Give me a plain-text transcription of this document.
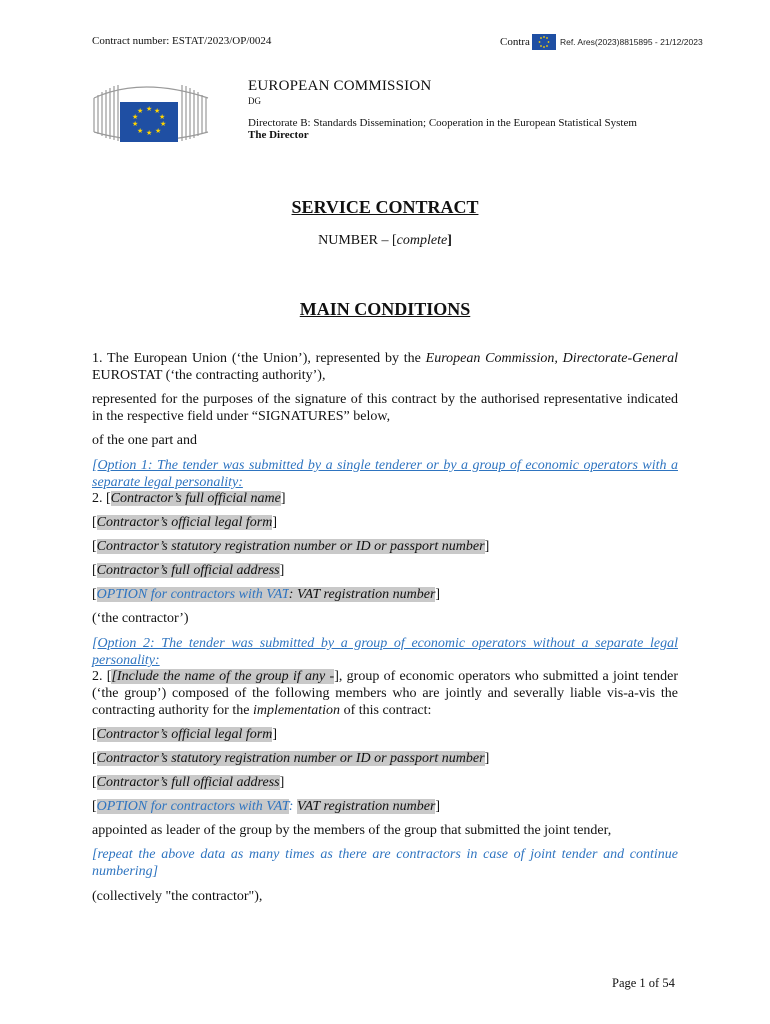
Contract number: ESTAT/2023/OP/0024	Contra	Ref. Ares(2023)8815895 - 21/12/2023
★ ★
★
★
★
★
★
★
★
★
EUROPEAN COMMISSION
DG
Directorate B: Standards Dissemination; Cooperation in the European Statistical System
The Director
SERVICE CONTRACT
NUMBER – [complete]
MAIN CONDITIONS
1. The European Union (‘the Union’), represented by the European Commission, Directorate-General EUROSTAT (‘the contracting authority’),
represented for the purposes of the signature of this contract by the authorised representative indicated in the respective field under “SIGNATURES” below,
of the one part and
[Option 1: The tender was submitted by a single tenderer or by a group of economic operators with a separate legal personality:
2. [Contractor’s full official name]
[Contractor’s official legal form]
[Contractor’s statutory registration number or ID or passport number]
[Contractor’s full official address]
[OPTION for contractors with VAT: VAT registration number]
(‘the contractor’)
[Option 2: The tender was submitted by a group of economic operators without a separate legal personality:
2. [[Include the name of the group if any -], group of economic operators who submitted a joint tender (‘the group’) composed of the following members who are jointly and severally liable vis-a-vis the contracting authority for the implementation of this contract:
[Contractor’s official legal form]
[Contractor’s statutory registration number or ID or passport number]
[Contractor’s full official address]
[OPTION for contractors with VAT: VAT registration number]
appointed as leader of the group by the members of the group that submitted the joint tender,
[repeat the above data as many times as there are contractors in case of joint tender and continue numbering]
(collectively "the contractor"),
Page 1 of 54
